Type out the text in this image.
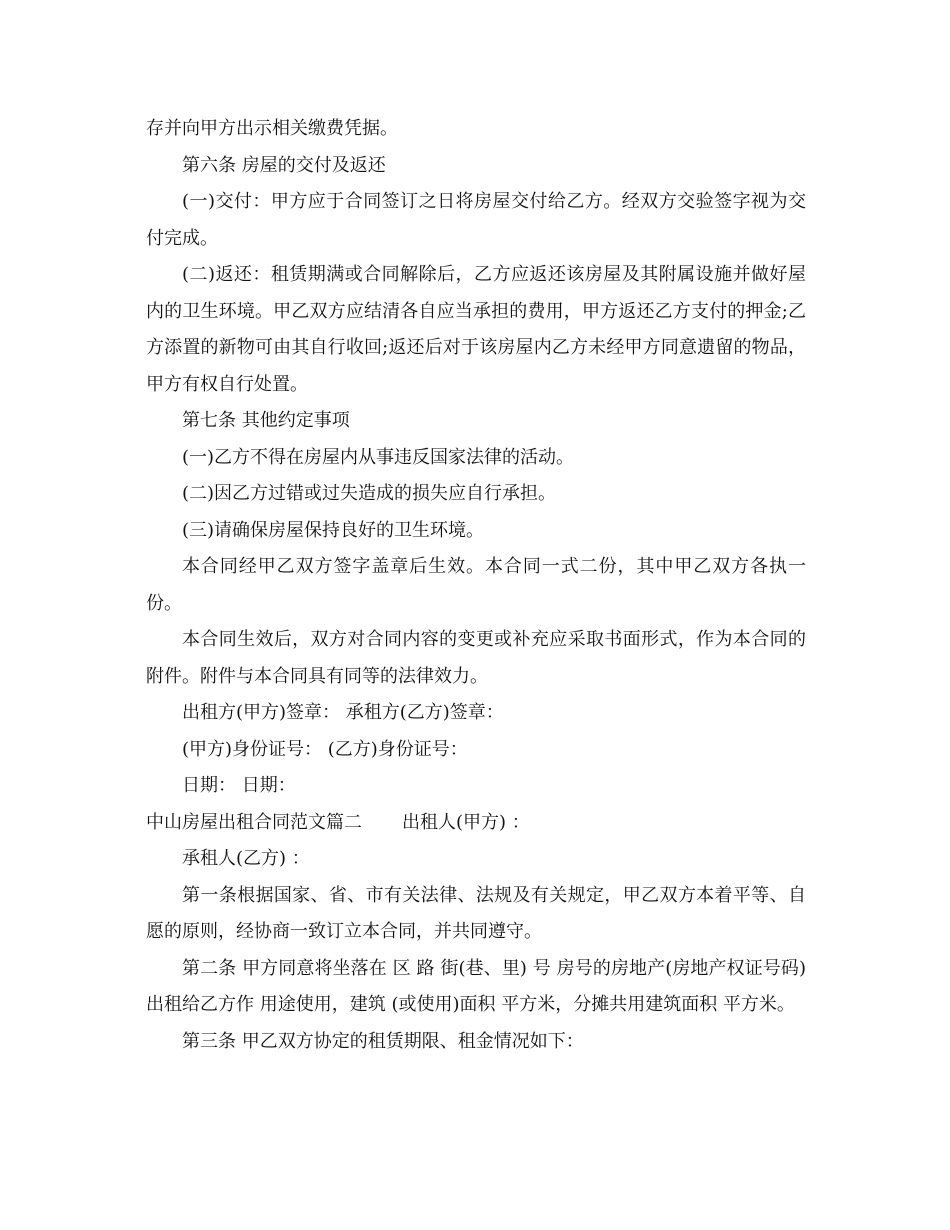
存并向甲方出示相关缴费凭据。

第六条 房屋的交付及返还

(一)交付：甲方应于合同签订之日将房屋交付给乙方。经双方交验签字视为交付完成。

(二)返还：租赁期满或合同解除后，乙方应返还该房屋及其附属设施并做好屋内的卫生环境。甲乙双方应结清各自应当承担的费用，甲方返还乙方支付的押金;乙方添置的新物可由其自行收回;返还后对于该房屋内乙方未经甲方同意遗留的物品，甲方有权自行处置。

第七条 其他约定事项

(一)乙方不得在房屋内从事违反国家法律的活动。

(二)因乙方过错或过失造成的损失应自行承担。

(三)请确保房屋保持良好的卫生环境。

本合同经甲乙双方签字盖章后生效。本合同一式二份，其中甲乙双方各执一份。

本合同生效后，双方对合同内容的变更或补充应采取书面形式，作为本合同的附件。附件与本合同具有同等的法律效力。

出租方(甲方)签章： 承租方(乙方)签章：

(甲方)身份证号： (乙方)身份证号：

日期： 日期：

中山房屋出租合同范文篇二 出租人(甲方) ：

承租人(乙方) ：

第一条根据国家、省、市有关法律、法规及有关规定，甲乙双方本着平等、自愿的原则，经协商一致订立本合同，并共同遵守。

第二条 甲方同意将坐落在 区 路 街(巷、里) 号 房号的房地产(房地产权证号码)出租给乙方作 用途使用，建筑 (或使用)面积 平方米，分摊共用建筑面积 平方米。

第三条 甲乙双方协定的租赁期限、租金情况如下：
